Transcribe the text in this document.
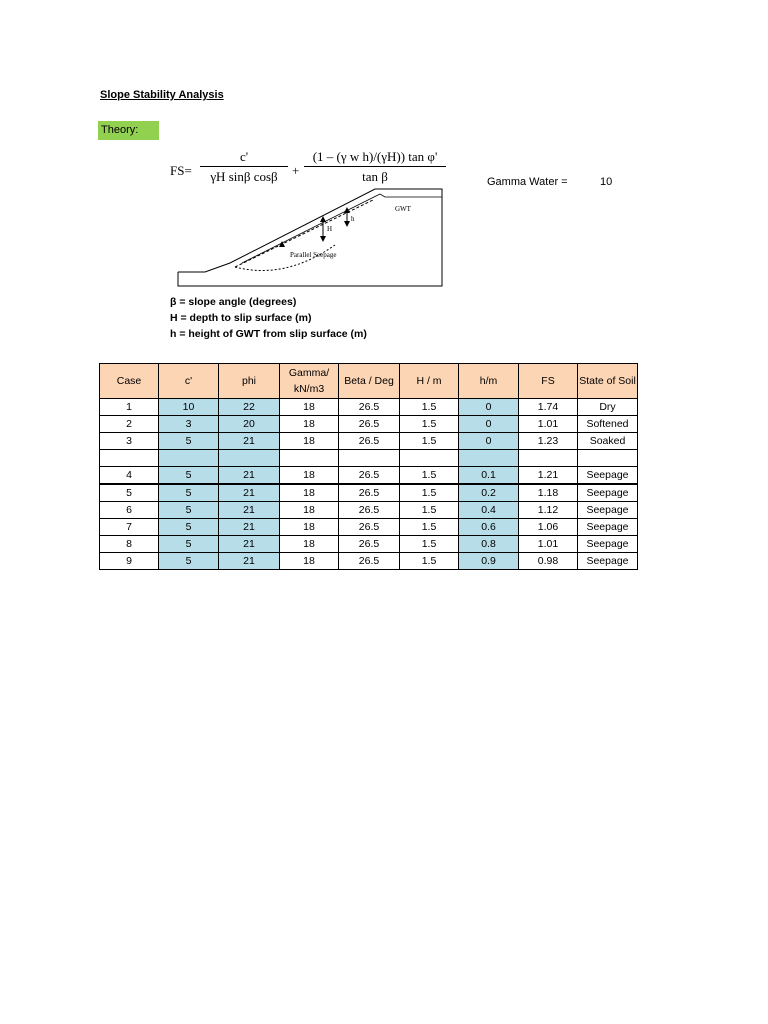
Slope Stability Analysis
Theory:
FS=
c'
γH sinβ cosβ	+
(1 – (γ w h)/(γH)) tan φ'
tan β	Gamma Water =	10
GWT
H
h
Parallel Seepage
β = slope angle (degrees)
H = depth to slip surface (m)
h = height of GWT from slip surface (m)
Case	c'	phi	Gamma/ kN/m3	Beta / Deg	H / m	h/m	FS	State of Soil
1	10	22	18	26.5	1.5	0	1.74	Dry
2	3	20	18	26.5	1.5	0	1.01	Softened
3	5	21	18	26.5	1.5	0	1.23	Soaked

4	5	21	18	26.5	1.5	0.1	1.21	Seepage
5	5	21	18	26.5	1.5	0.2	1.18	Seepage
6	5	21	18	26.5	1.5	0.4	1.12	Seepage
7	5	21	18	26.5	1.5	0.6	1.06	Seepage
8	5	21	18	26.5	1.5	0.8	1.01	Seepage
9	5	21	18	26.5	1.5	0.9	0.98	Seepage
